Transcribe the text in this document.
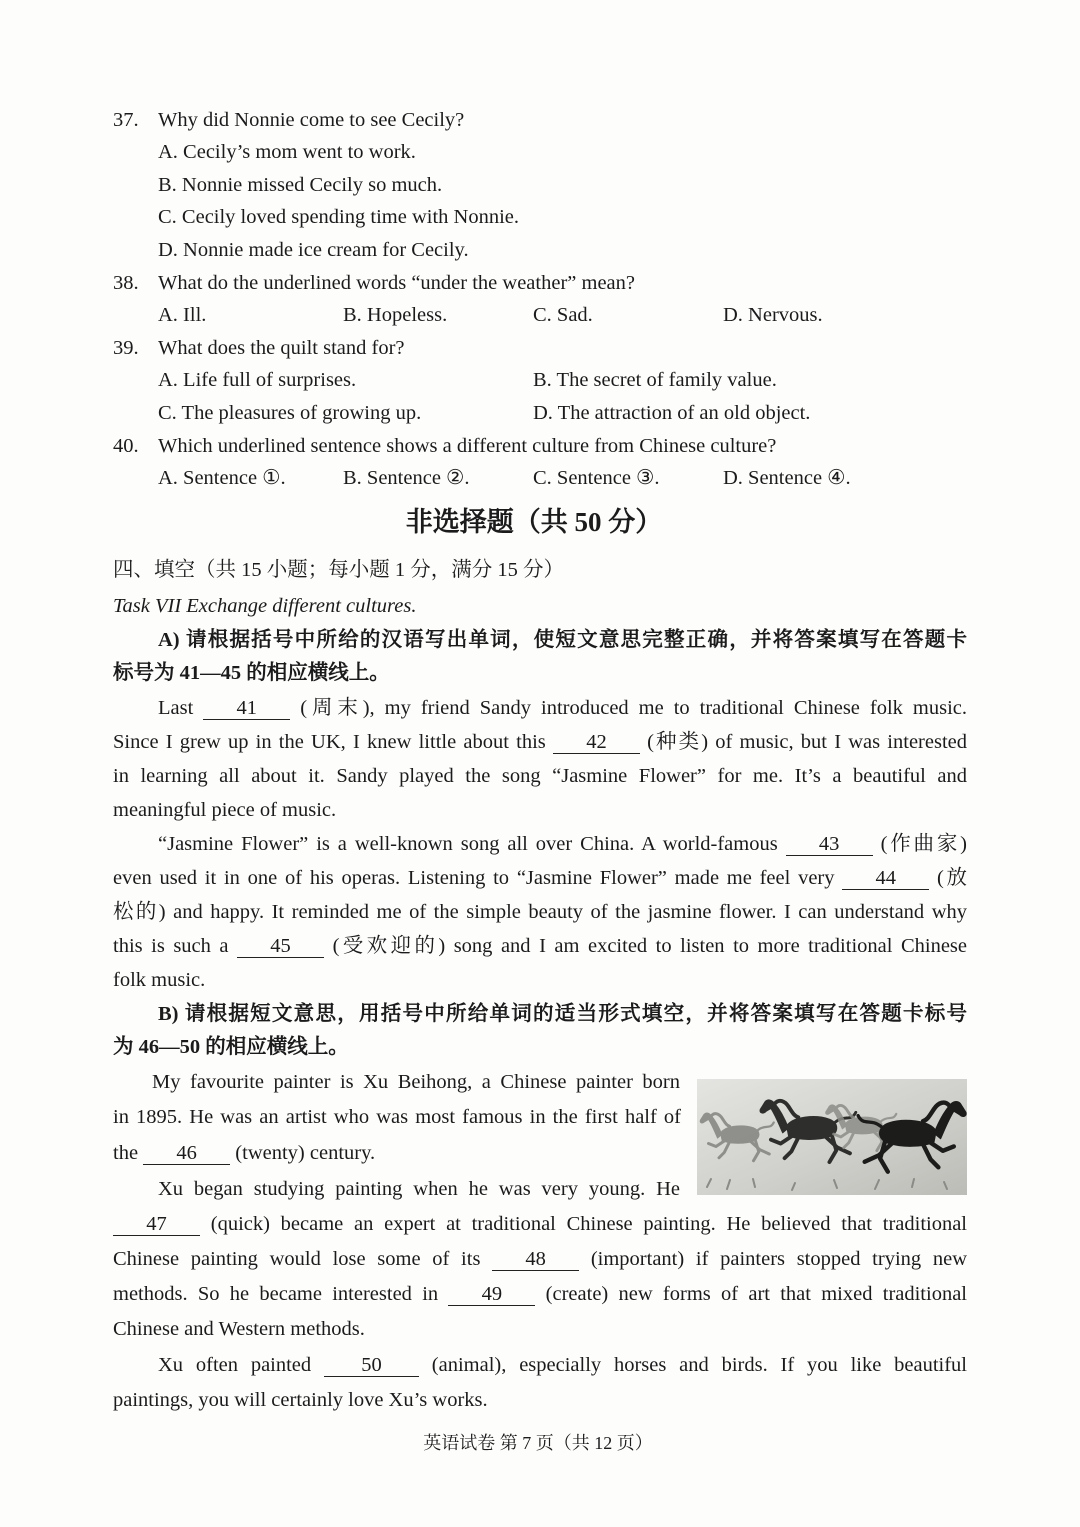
37. Why did Nonnie come to see Cecily?
A. Cecily’s mom went to work.
B. Nonnie missed Cecily so much.
C. Cecily loved spending time with Nonnie.
D. Nonnie made ice cream for Cecily.
38. What do the underlined words “under the weather” mean?
A. Ill.	B. Hopeless.	C. Sad.	D. Nervous.
39. What does the quilt stand for?
A. Life full of surprises.	B. The secret of family value.
C. The pleasures of growing up.	D. The attraction of an old object.
40. Which underlined sentence shows a different culture from Chinese culture?
A. Sentence ①.	B. Sentence ②.	C. Sentence ③.	D. Sentence ④.
非选择题（共 50 分）
四、填空（共 15 小题；每小题 1 分，满分 15 分）
Task VII Exchange different cultures.
A) 请根据括号中所给的汉语写出单词，使短文意思完整正确，并将答案填写在答题卡
标号为 41—45 的相应横线上。
Last 41 (周末), my friend Sandy introduced me to traditional Chinese folk music.
Since I grew up in the UK, I knew little about this 42 (种类) of music, but I was interested
in learning all about it. Sandy played the song “Jasmine Flower” for me. It’s a beautiful and
meaningful piece of music.
“Jasmine Flower” is a well-known song all over China. A world-famous 43 (作曲家)
even used it in one of his operas. Listening to “Jasmine Flower” made me feel very 44 (放
松的) and happy. It reminded me of the simple beauty of the jasmine flower. I can understand why
this is such a 45 (受欢迎的) song and I am excited to listen to more traditional Chinese
folk music.
B) 请根据短文意思，用括号中所给单词的适当形式填空，并将答案填写在答题卡标号
为 46—50 的相应横线上。
My favourite painter is Xu Beihong, a Chinese painter born
in 1895. He was an artist who was most famous in the first half of
the 46 (twenty) century.
Xu began studying painting when he was very young. He
47 (quick) became an expert at traditional Chinese painting. He believed that traditional
Chinese painting would lose some of its 48 (important) if painters stopped trying new
methods. So he became interested in 49 (create) new forms of art that mixed traditional
Chinese and Western methods.
Xu often painted 50 (animal), especially horses and birds. If you like beautiful
paintings, you will certainly love Xu’s works.
英语试卷 第 7 页（共 12 页）
